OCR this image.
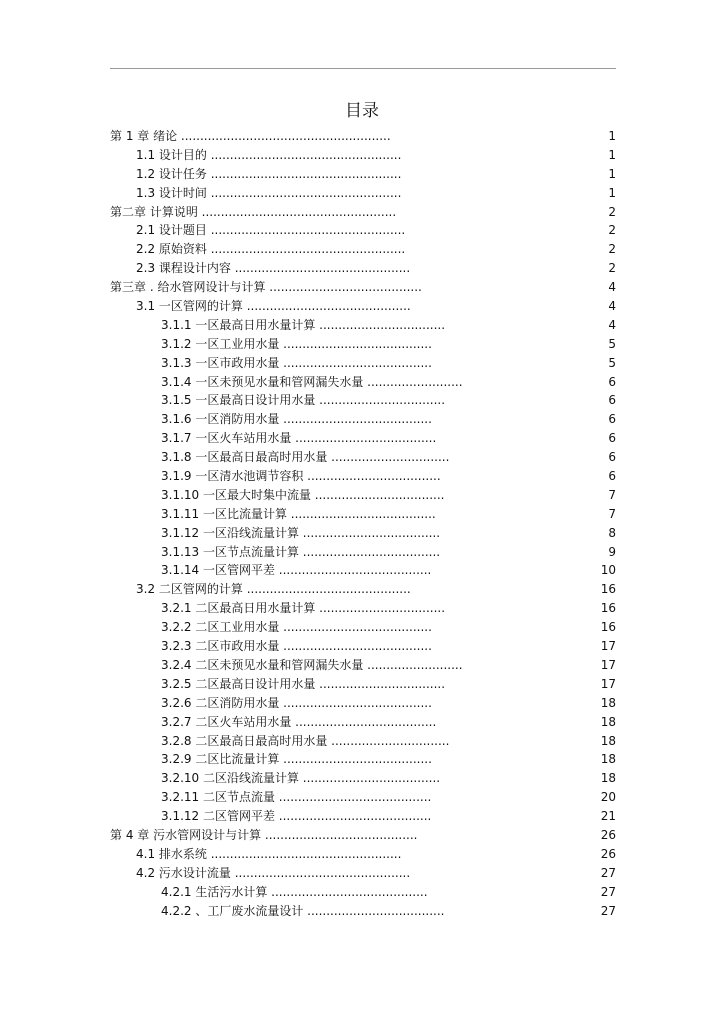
目录
第 1 章 绪论 .......................................................	1
1.1 设计目的 ..................................................	1
1.2 设计任务 ..................................................	1
1.3 设计时间 ..................................................	1
第二章 计算说明 ...................................................	2
2.1 设计题目 ...................................................	2
2.2 原始资料 ...................................................	2
2.3 课程设计内容 ..............................................	2
第三章 . 给水管网设计与计算 ........................................	4
3.1 一区管网的计算 ...........................................	4
3.1.1 一区最高日用水量计算 .................................	4
3.1.2 一区工业用水量 .......................................	5
3.1.3 一区市政用水量 .......................................	5
3.1.4 一区未预见水量和管网漏失水量 .........................	6
3.1.5 一区最高日设计用水量 .................................	6
3.1.6 一区消防用水量 .......................................	6
3.1.7 一区火车站用水量 .....................................	6
3.1.8 一区最高日最高时用水量 ...............................	6
3.1.9 一区清水池调节容积 ...................................	6
3.1.10 一区最大时集中流量 ..................................	7
3.1.11 一区比流量计算 ......................................	7
3.1.12 一区沿线流量计算 ....................................	8
3.1.13 一区节点流量计算 ....................................	9
3.1.14 一区管网平差 ........................................	10
3.2 二区管网的计算 ...........................................	16
3.2.1 二区最高日用水量计算 .................................	16
3.2.2 二区工业用水量 .......................................	16
3.2.3 二区市政用水量 .......................................	17
3.2.4 二区未预见水量和管网漏失水量 .........................	17
3.2.5 二区最高日设计用水量 .................................	17
3.2.6 二区消防用水量 .......................................	18
3.2.7 二区火车站用水量 .....................................	18
3.2.8 二区最高日最高时用水量 ...............................	18
3.2.9 二区比流量计算 .......................................	18
3.2.10 二区沿线流量计算 ....................................	18
3.2.11 二区节点流量 ........................................	20
3.1.12 二区管网平差 ........................................	21
第 4 章 污水管网设计与计算 ........................................	26
4.1 排水系统 ..................................................	26
4.2 污水设计流量 ..............................................	27
4.2.1 生活污水计算 .........................................	27
4.2.2 、工厂废水流量设计 ....................................	27
